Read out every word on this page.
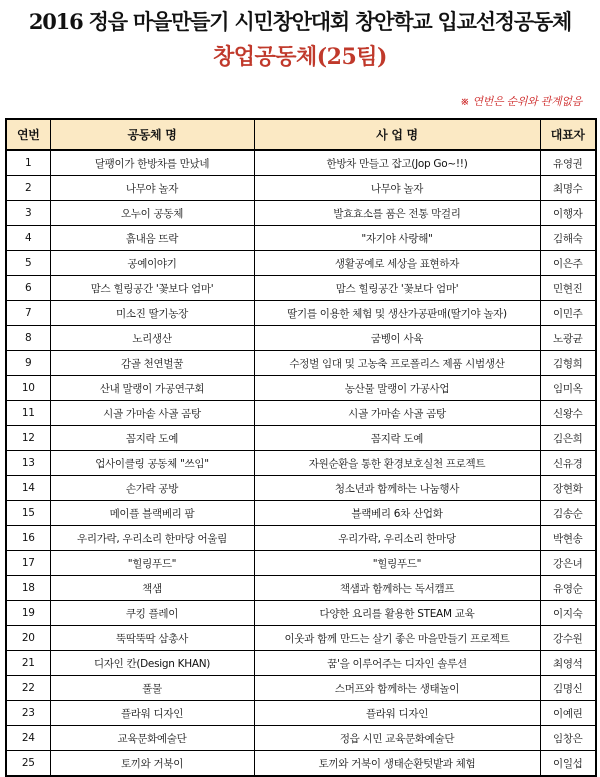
2016 정읍 마을만들기 시민창안대회 창안학교 입교선정공동체
창업공동체(25팀)
※ 연번은 순위와 관계없음
연번	공동체 명	사 업 명	대표자
1	달팽이가 한방차를 만났네	한방차 만들고 잡고(Jop Go~!!)	유영권
2	나무야 놀자	나무야 놀자	최명수
3	오누이 공동체	발효효소를 품은 전통 막걸리	이행자
4	흙내음 뜨락	"자기야 사랑해"	김해숙
5	공예이야기	생활공예로 세상을 표현하자	이은주
6	맘스 힐링공간 '꽃보다 엄마'	맘스 힐링공간 '꽃보다 엄마'	민현진
7	미소진 딸기농장	딸기를 이용한 체험 및 생산가공판매(딸기야 놀자)	이민주
8	노리생산	굼벵이 사육	노광균
9	감골 천연벌꿀	수정벌 임대 및 고농축 프로폴리스 제품 시범생산	김형희
10	산내 말랭이 가공연구회	농산물 말랭이 가공사업	임미옥
11	시골 가마솥 사골 곰탕	시골 가마솥 사골 곰탕	신왕수
12	꼼지락 도예	꼼지락 도예	김은희
13	업사이클링 공동체 "쓰임"	자원순환을 통한 환경보호실천 프로젝트	신유경
14	손가락 공방	청소년과 함께하는 나눔행사	장현화
15	메이플 블랙베리 팜	블랙베리 6차 산업화	김송순
16	우리가락, 우리소리 한마당 어울림	우리가락, 우리소리 한마당	박현송
17	"힐링푸드"	"힐링푸드"	강은녀
18	책샘	책샘과 함께하는 독서캠프	유영순
19	쿠킹 플레이	다양한 요리를 활용한 STEAM 교육	이지숙
20	뚝딱뚝딱 삼총사	이웃과 함께 만드는 살기 좋은 마을만들기 프로젝트	강수원
21	디자인 칸(Design KHAN)	꿈'을 이루어주는 디자인 솔루션	최영석
22	풀물	스머프와 함께하는 생태놀이	김명신
23	플라워 디자인	플라워 디자인	이예린
24	교육문화예술단	정읍 시민 교육문화예술단	임창은
25	토끼와 거북이	토끼와 거북이 생태순환텃밭과 체험	이일섭
